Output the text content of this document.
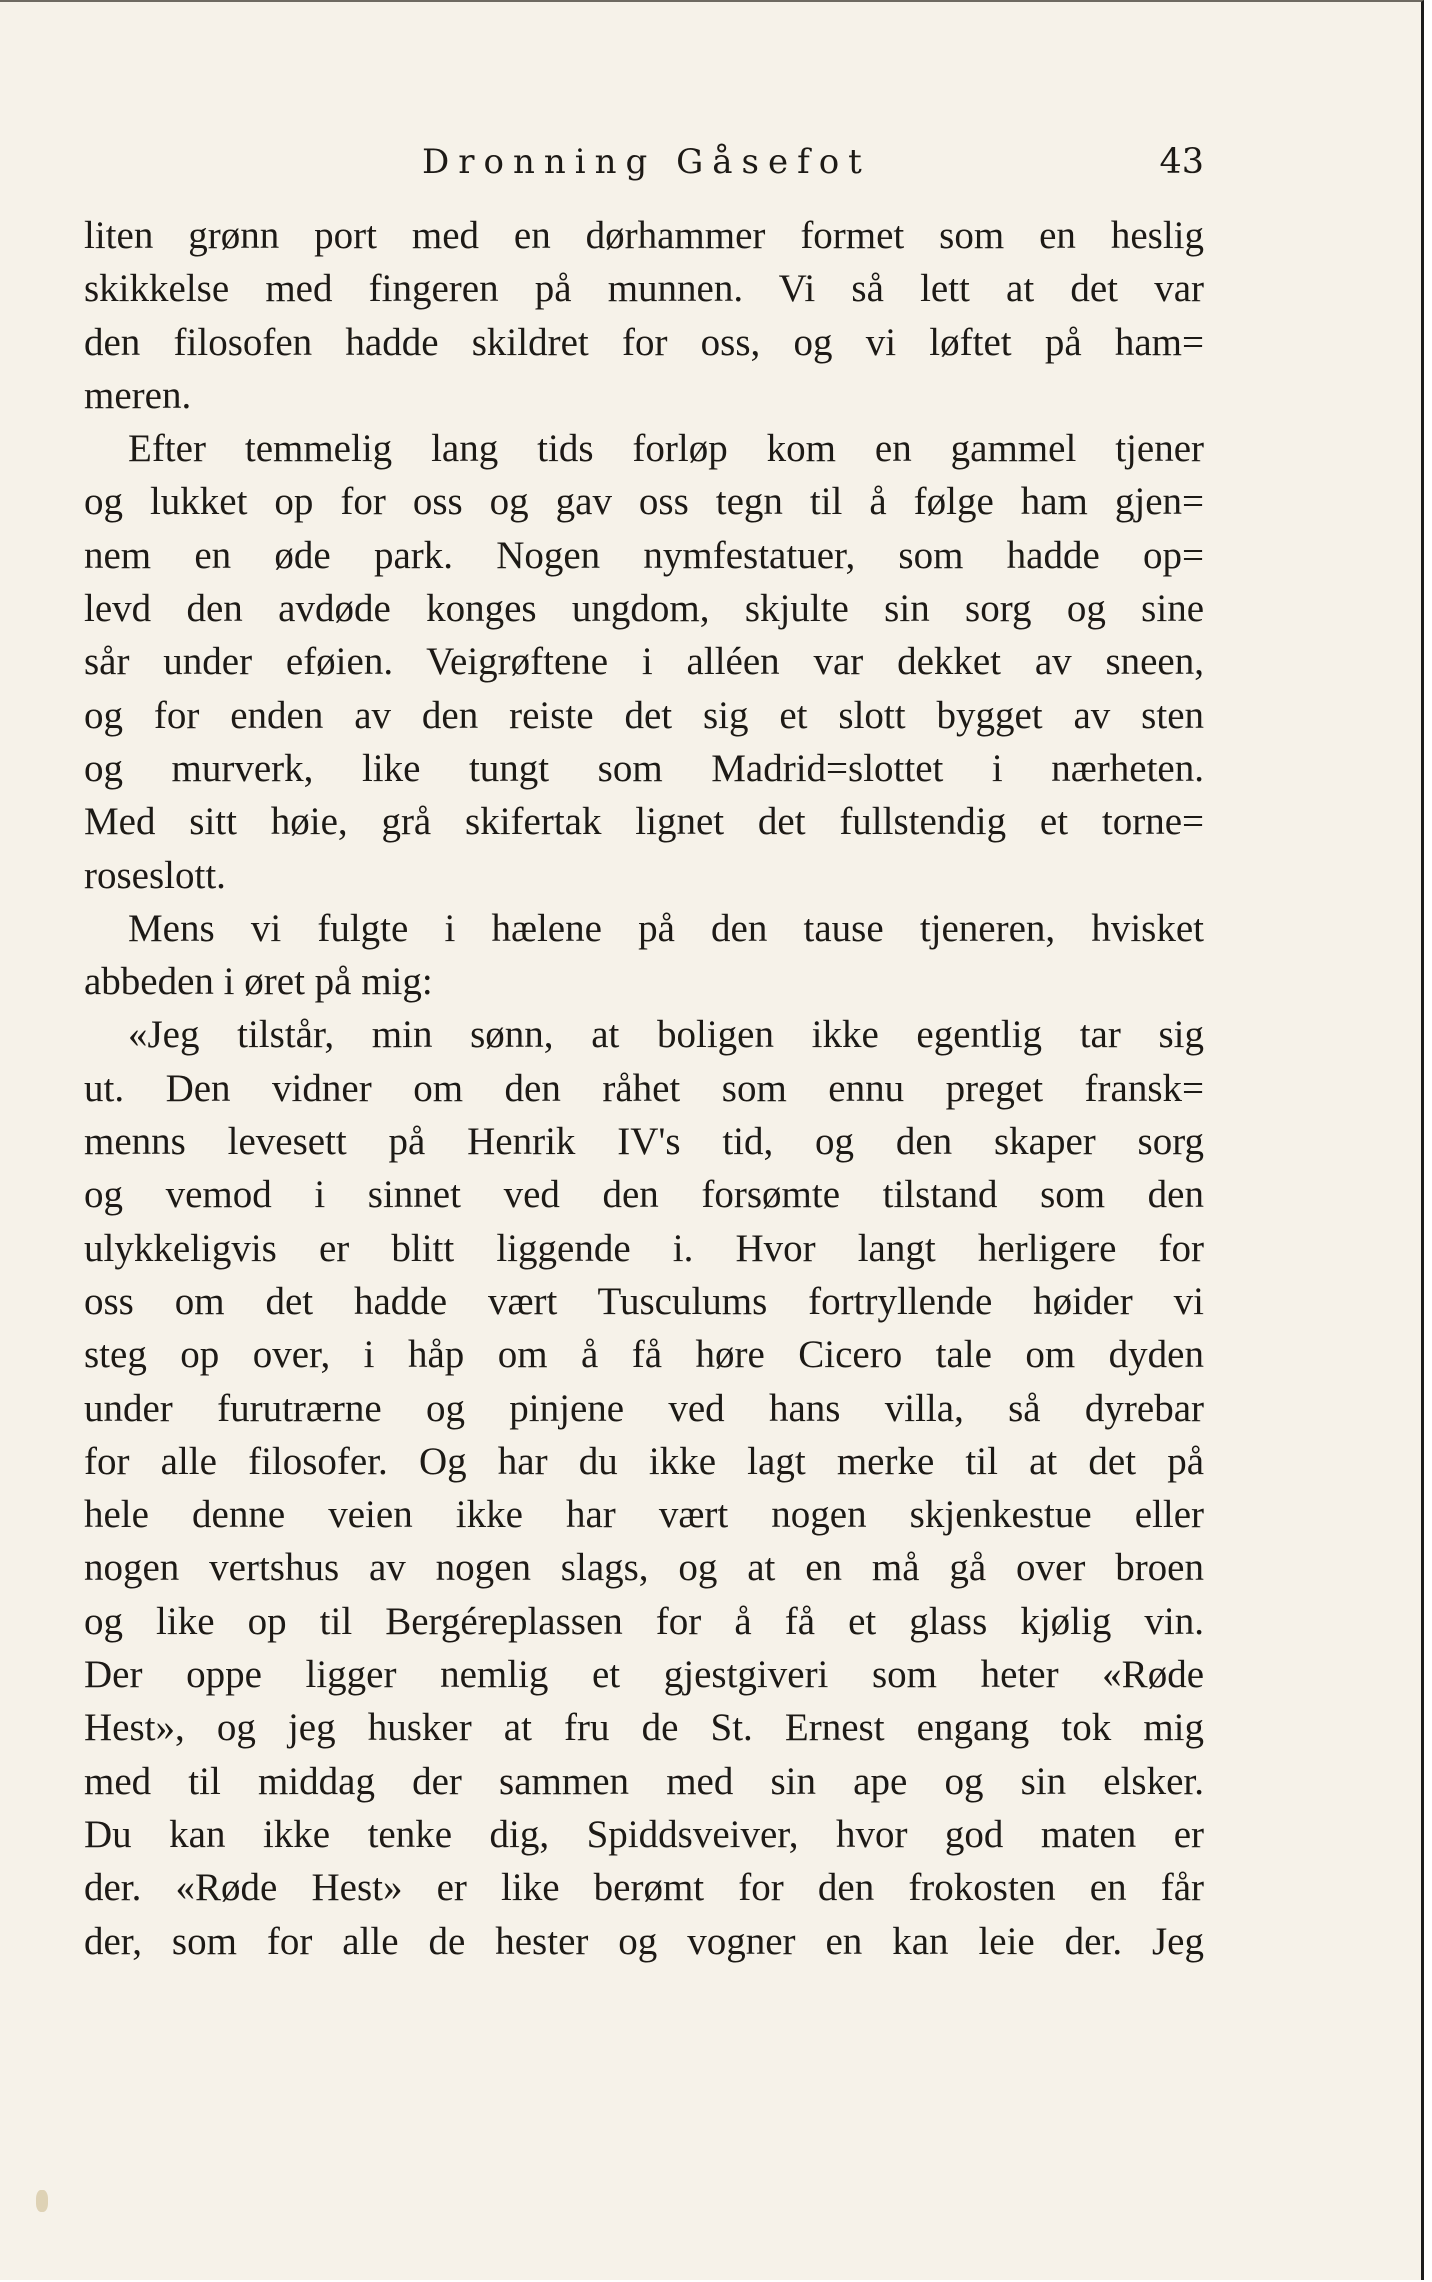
Dronning Gåsefot	43
liten grønn port med en dørhammer formet som en heslig
skikkelse med fingeren på munnen. Vi så lett at det var
den filosofen hadde skildret for oss, og vi løftet på ham=
meren.
Efter temmelig lang tids forløp kom en gammel tjener
og lukket op for oss og gav oss tegn til å følge ham gjen=
nem en øde park. Nogen nymfestatuer, som hadde op=
levd den avdøde konges ungdom, skjulte sin sorg og sine
sår under eføien. Veigrøftene i alléen var dekket av sneen,
og for enden av den reiste det sig et slott bygget av sten
og murverk, like tungt som Madrid=slottet i nærheten.
Med sitt høie, grå skifertak lignet det fullstendig et torne=
roseslott.
Mens vi fulgte i hælene på den tause tjeneren, hvisket
abbeden i øret på mig:
«Jeg tilstår, min sønn, at boligen ikke egentlig tar sig
ut. Den vidner om den råhet som ennu preget fransk=
menns levesett på Henrik IV's tid, og den skaper sorg
og vemod i sinnet ved den forsømte tilstand som den
ulykkeligvis er blitt liggende i. Hvor langt herligere for
oss om det hadde vært Tusculums fortryllende høider vi
steg op over, i håp om å få høre Cicero tale om dyden
under furutrærne og pinjene ved hans villa, så dyrebar
for alle filosofer. Og har du ikke lagt merke til at det på
hele denne veien ikke har vært nogen skjenkestue eller
nogen vertshus av nogen slags, og at en må gå over broen
og like op til Bergéreplassen for å få et glass kjølig vin.
Der oppe ligger nemlig et gjestgiveri som heter «Røde
Hest», og jeg husker at fru de St. Ernest engang tok mig
med til middag der sammen med sin ape og sin elsker.
Du kan ikke tenke dig, Spiddsveiver, hvor god maten er
der. «Røde Hest» er like berømt for den frokosten en får
der, som for alle de hester og vogner en kan leie der. Jeg
